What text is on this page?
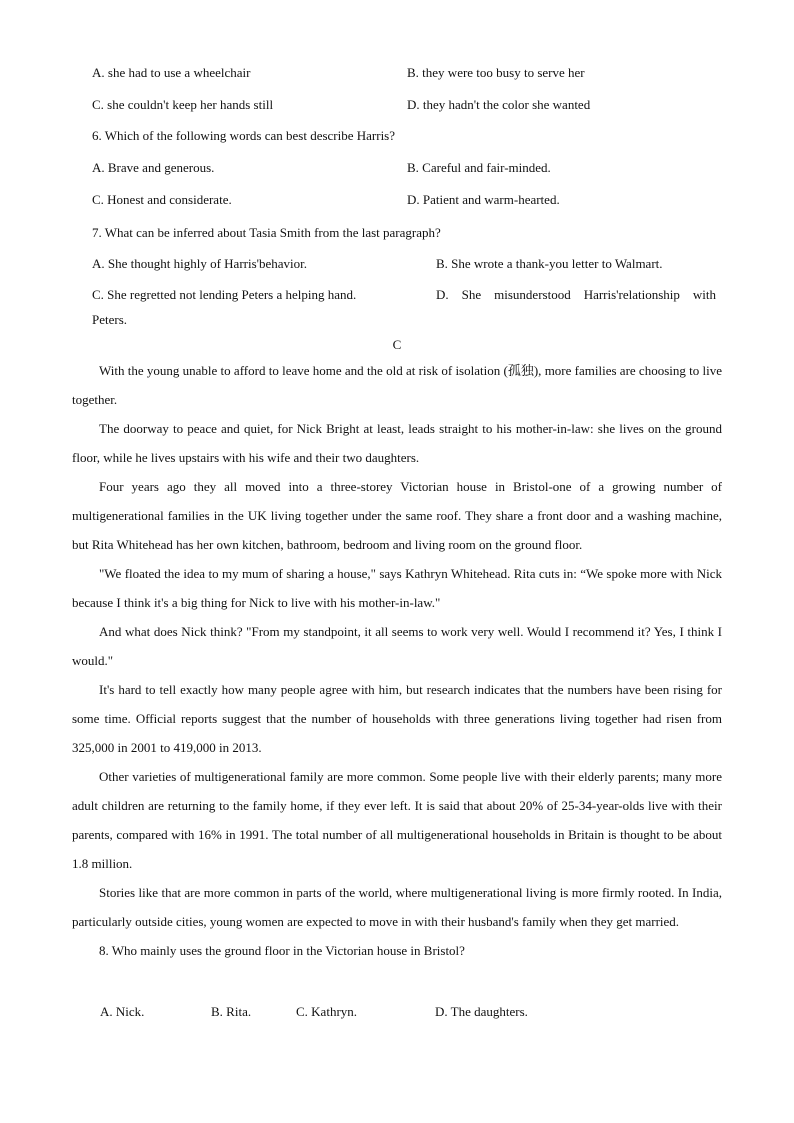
A. she had to use a wheelchair	B. they were too busy to serve her
C. she couldn't keep her hands still	D. they hadn't the color she wanted
6. Which of the following words can best describe Harris?
A. Brave and generous.	B. Careful and fair-minded.
C. Honest and considerate.	D. Patient and warm-hearted.
7. What can be inferred about Tasia Smith from the last paragraph?
A. She thought highly of Harris'behavior.	B. She wrote a thank-you letter to Walmart.
C. She regretted not lending Peters a helping hand.	D.    She    misunderstood    Harris'relationship    with
Peters.
C

With the young unable to afford to leave home and the old at risk of isolation (孤独), more families are choosing to live together.

The doorway to peace and quiet, for Nick Bright at least, leads straight to his mother-in-law: she lives on the ground floor, while he lives upstairs with his wife and their two daughters.

Four years ago they all moved into a three-storey Victorian house in Bristol-one of a growing number of multigenerational families in the UK living together under the same roof. They share a front door and a washing machine, but Rita Whitehead has her own kitchen, bathroom, bedroom and living room on the ground floor.

"We floated the idea to my mum of sharing a house," says Kathryn Whitehead. Rita cuts in: “We spoke more with Nick because I think it's a big thing for Nick to live with his mother-in-law."

And what does Nick think? "From my standpoint, it all seems to work very well. Would I recommend it? Yes, I think I would."

It's hard to tell exactly how many people agree with him, but research indicates that the numbers have been rising for some time. Official reports suggest that the number of households with three generations living together had risen from 325,000 in 2001 to 419,000 in 2013.

Other varieties of multigenerational family are more common. Some people live with their elderly parents; many more adult children are returning to the family home, if they ever left. It is said that about 20% of 25-34-year-olds live with their parents, compared with 16% in 1991. The total number of all multigenerational households in Britain is thought to be about 1.8 million.

Stories like that are more common in parts of the world, where multigenerational living is more firmly rooted. In India, particularly outside cities, young women are expected to move in with their husband's family when they get married.

8. Who mainly uses the ground floor in the Victorian house in Bristol?

A. Nick.	B. Rita.	C. Kathryn.	D. The daughters.
